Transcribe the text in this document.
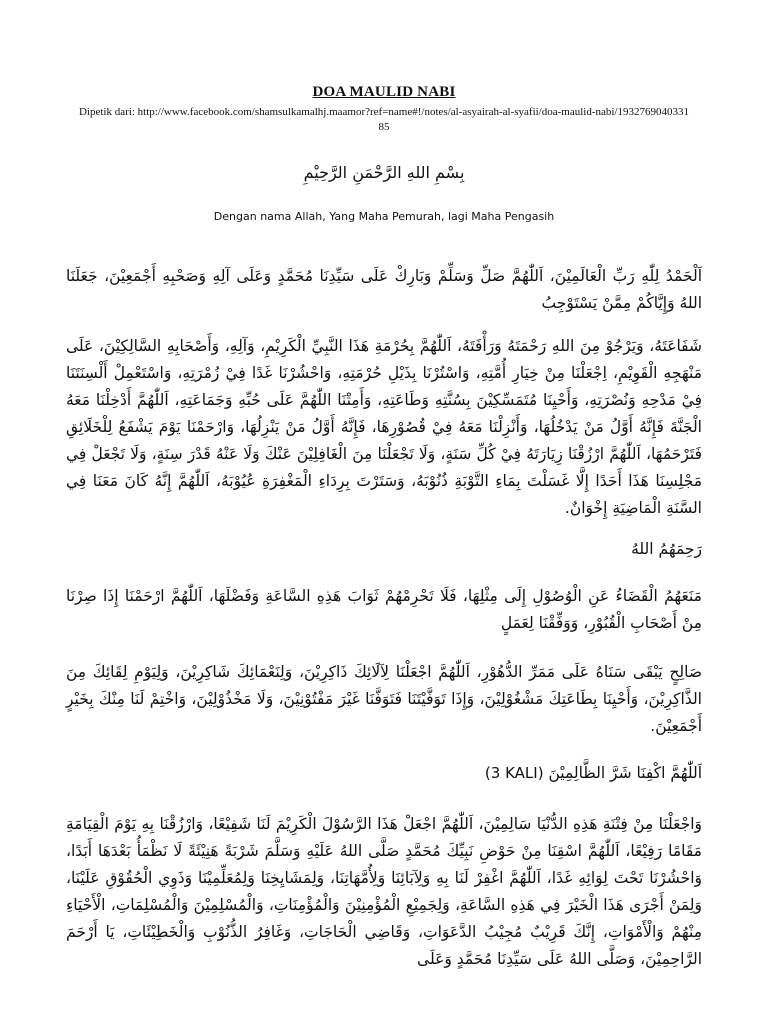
DOA MAULID NABI

Dipetik dari: http://www.facebook.com/shamsulkamalhj.maamor?ref=name#!/notes/al-asyairah-al-syafii/doa-maulid-nabi/193276904033185

بِسْمِ اللهِ الرَّحْمَنِ الرَّحِيْمِ
Dengan nama Allah, Yang Maha Pemurah, lagi Maha Pengasih

اَلْحَمْدُ لِلّٰهِ رَبِّ الْعَالَمِيْنَ، اَللّٰهُمَّ صَلِّ وَسَلِّمْ وَبَارِكْ عَلَى سَيِّدِنَا مُحَمَّدٍ وَعَلَى آلِهِ وَصَحْبِهِ أَجْمَعِيْنَ، جَعَلَنَا اللهُ وَإِيَّاكُمْ مِمَّنْ يَسْتَوْجِبُ

شَفَاعَتَهُ، وَيَرْجُوْ مِنَ اللهِ رَحْمَتَهُ وَرَأْفَتَهُ، اَللّٰهُمَّ بِحُرْمَةِ هَذَا النَّبِيِّ الْكَرِيْمِ، وَآلِهِ، وَأَصْحَابِهِ السَّالِكِيْنَ، عَلَى مَنْهَجِهِ الْقَوِيْمِ، اِجْعَلْنَا مِنْ خِيَارِ أُمَّتِهِ، وَاسْتُرْنَا بِذَيْلِ حُرْمَتِهِ، وَاحْشُرْنَا غَدًا فِيْ زُمْرَتِهِ، وَاسْتَعْمِلْ أَلْسِنَتَنَا فِيْ مَدْحِهِ وَنُصْرَتِهِ، وَأَحْيِنَا مُتَمَسِّكِيْنَ بِسُنَّتِهِ وَطَاعَتِهِ، وَأَمِتْنَا اللّٰهُمَّ عَلَى حُبِّهِ وَجَمَاعَتِهِ، اَللّٰهُمَّ أَدْخِلْنَا مَعَهُ الْجَنَّةَ فَإِنَّهُ أَوَّلُ مَنْ يَدْخُلُهَا، وَأَنْزِلْنَا مَعَهُ فِيْ قُصُوْرِهَا، فَإِنَّهُ أَوَّلُ مَنْ يَنْزِلُهَا، وَارْحَمْنَا يَوْمَ يَشْفَعُ لِلْخَلَائِقِ فَتَرْحَمُهَا، اَللّٰهُمَّ ارْزُقْنَا زِيَارَتَهُ فِيْ كُلِّ سَنَةٍ، وَلَا تَجْعَلْنَا مِنَ الْغَافِلِيْنَ عَنْكَ وَلَا عَنْهُ قَدْرَ سِنَةٍ، وَلَا تَجْعَلْ فِي مَجْلِسِنَا هَذَا أَحَدًا إِلَّا غَسَلْتَ بِمَاءِ التَّوْبَةِ ذُنُوْبَهُ، وَسَتَرْتَ بِرِدَاءِ الْمَغْفِرَةِ عُيُوْبَهُ، اَللّٰهُمَّ إِنَّهُ كَانَ مَعَنَا فِي السَّنَةِ الْمَاضِيَةِ إِخْوَانٌ.

رَحِمَهُمُ اللهُ

مَنَعَهُمُ الْقَضَاءُ عَنِ الْوُصُوْلِ إِلَى مِثْلِهَا، فَلَا تَحْرِمْهُمْ ثَوَابَ هَذِهِ السَّاعَةِ وَفَضْلَهَا، اَللّٰهُمَّ ارْحَمْنَا إِذَا صِرْنَا مِنْ أَصْحَابِ الْقُبُوْرِ، وَوَفِّقْنَا لِعَمَلٍ

صَالِحٍ يَبْقَى سَنَاهُ عَلَى مَمَرِّ الدُّهُوْرِ، اَللّٰهُمَّ اجْعَلْنَا لِآلَائِكَ ذَاكِرِيْنَ، وَلِنَعْمَائِكَ شَاكِرِيْنَ، وَلِيَوْمِ لِقَائِكَ مِنَ الذَّاكِرِيْنَ، وَأَحْيِنَا بِطَاعَتِكَ مَشْغُوْلِيْنَ، وَإِذَا تَوَفَّيْتَنَا فَتَوَفَّنَا غَيْرَ مَفْتُوْنِيْنَ، وَلَا مَخْذُوْلِيْنَ، وَاخْتِمْ لَنَا مِنْكَ بِخَيْرٍ أَجْمَعِيْنَ.

اَللّٰهُمَّ اكْفِنَا شَرَّ الظَّالِمِيْنَ (3 KALI)

وَاجْعَلْنَا مِنْ فِتْنَةِ هَذِهِ الدُّنْيَا سَالِمِيْنَ، اَللّٰهُمَّ اجْعَلْ هَذَا الرَّسُوْلَ الْكَرِيْمَ لَنَا شَفِيْعًا، وَارْزُقْنَا بِهِ يَوْمَ الْقِيَامَةِ مَقَامًا رَفِيْعًا، اَللّٰهُمَّ اسْقِنَا مِنْ حَوْضِ نَبِيِّكَ مُحَمَّدٍ صَلَّى اللهُ عَلَيْهِ وَسَلَّمَ شَرْبَةً هَنِيْئَةً لَا نَظْمَأُ بَعْدَهَا أَبَدًا، وَاحْشُرْنَا تَحْتَ لِوَائِهِ غَدًا، اَللّٰهُمَّ اغْفِرْ لَنَا بِهِ وَلِآبَائِنَا وَلِأُمَّهَاتِنَا، وَلِمَشَايِخِنَا وَلِمُعَلِّمِيْنَا وَذَوِي الْحُقُوْقِ عَلَيْنَا، وَلِمَنْ أَجْرَى هَذَا الْخَيْرَ فِي هَذِهِ السَّاعَةِ، وَلِجَمِيْعِ الْمُؤْمِنِيْنَ وَالْمُؤْمِنَاتِ، وَالْمُسْلِمِيْنَ وَالْمُسْلِمَاتِ، الْأَحْيَاءِ مِنْهُمْ وَالْأَمْوَاتِ، إِنَّكَ قَرِيْبٌ مُجِيْبُ الدَّعَوَاتِ، وَقَاضِي الْحَاجَاتِ، وَغَافِرُ الذُّنُوْبِ وَالْخَطِيْئَاتِ، يَا أَرْحَمَ الرَّاحِمِيْنَ، وَصَلَّى اللهُ عَلَى سَيِّدِنَا مُحَمَّدٍ وَعَلَى
